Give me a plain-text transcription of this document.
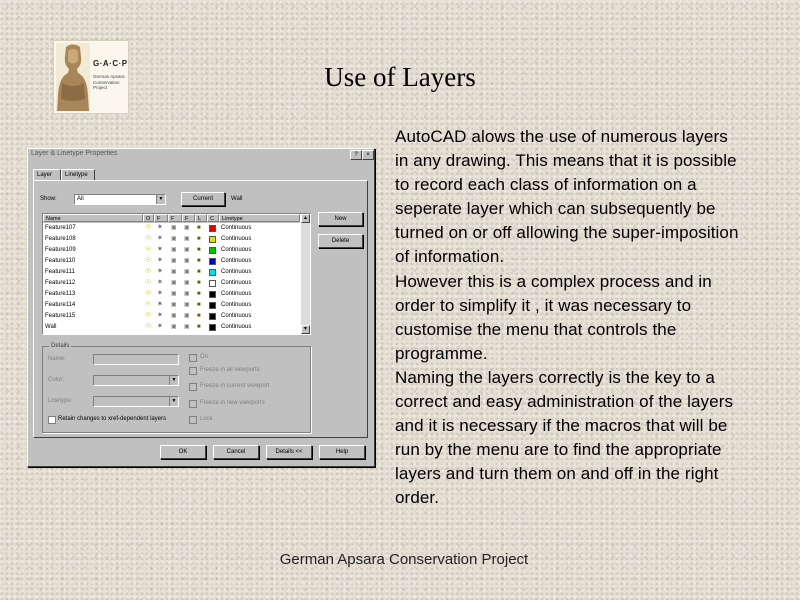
G·A·C·P
German Apsara Conservation Project	Use of Layers
Layer & Linetype Properties	?	×
Layer	Linetype
Show:	All	▼	Current	Wall
New
Delete
Name	O	F	F	F	L	C	Linetype
Feature107	☉ ✶ ▣ ▣ ■	Continuous
Feature108	☉ ✶ ▣ ▣ ■	Continuous
Feature109	☉ ✶ ▣ ▣ ■	Continuous
Feature110	☉ ✶ ▣ ▣ ■	Continuous
Feature111	☉ ✶ ▣ ▣ ■	Continuous
Feature112	☉ ✶ ▣ ▣ ■	Continuous
Feature113	☉ ✶ ▣ ▣ ■	Continuous
Feature114	☉ ✶ ▣ ▣ ■	Continuous
Feature115	☉ ✶ ▣ ▣ ■	Continuous
Wall	☉ ✶ ▣ ▣ ■	Continuous
▲
▼
Details
Name:
Color:	▼
Linetype:	▼
On
Freeze in all viewports
Freeze in current viewport
Freeze in new viewports
Lock
Retain changes to xref-dependent layers
OK	Cancel	Details <<	Help

AutoCAD alows the use of numerous layers in any drawing. This means that it is possible to record each class of information on a seperate layer which can subsequently be turned on or off allowing the super-imposition of information.

However this is a complex process and in order to simplify it , it was necessary to customise the menu that controls the programme.

Naming the layers correctly is the key to a correct and easy administration of the layers and it is necessary if the macros that will be run by the menu are to find the appropriate layers and turn them on and off in the right order.

German Apsara Conservation Project
